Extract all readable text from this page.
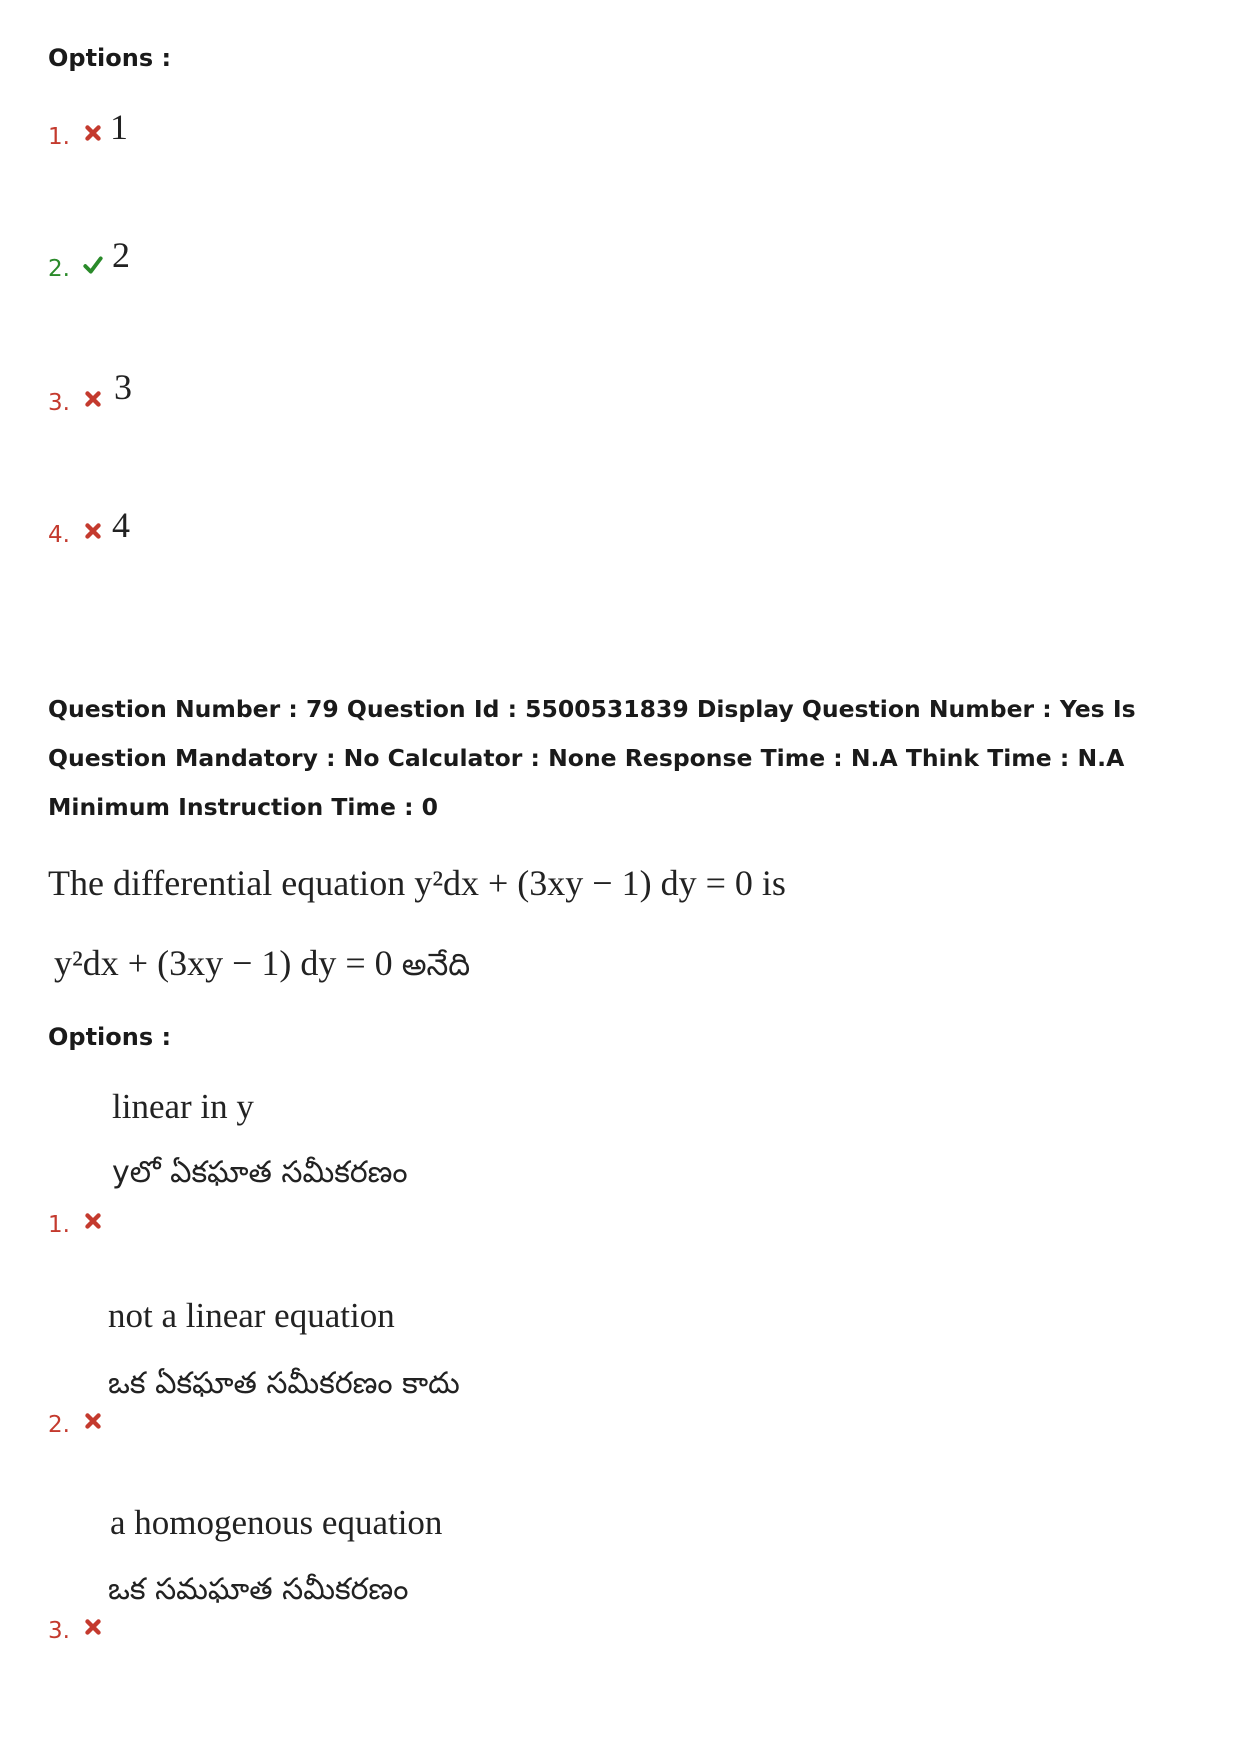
Options :
1. 1
2. 2
3. 3
4. 4
Question Number : 79 Question Id : 5500531839 Display Question Number : Yes Is Question Mandatory : No Calculator : None Response Time : N.A Think Time : N.A Minimum Instruction Time : 0
The differential equation y²dx + (3xy − 1) dy = 0 is
y²dx + (3xy − 1) dy = 0 అనేది
Options :
linear in y
yలో ఏకఘాత సమీకరణం
1.
not a linear equation
ఒక ఏకఘాత సమీకరణం కాదు
2.
a homogenous equation
ఒక సమఘాత సమీకరణం
3.
